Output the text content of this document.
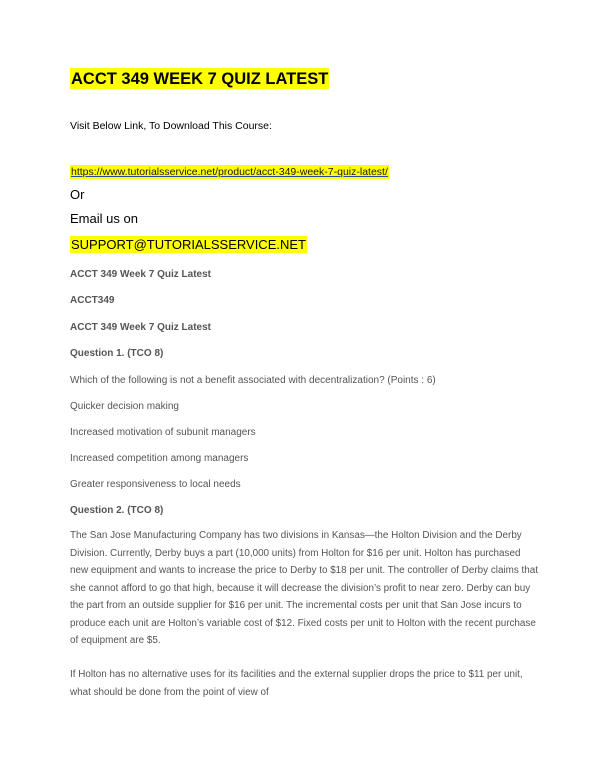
ACCT 349 WEEK 7 QUIZ LATEST
Visit Below Link, To Download This Course:
https://www.tutorialsservice.net/product/acct-349-week-7-quiz-latest/
Or
Email us on
SUPPORT@TUTORIALSSERVICE.NET
ACCT 349 Week 7 Quiz Latest
ACCT349
ACCT 349 Week 7 Quiz Latest
Question 1. (TCO 8)
Which of the following is not a benefit associated with decentralization? (Points : 6)
Quicker decision making
Increased motivation of subunit managers
Increased competition among managers
Greater responsiveness to local needs
Question 2. (TCO 8)

The San Jose Manufacturing Company has two divisions in Kansas—the Holton Division and the Derby Division. Currently, Derby buys a part (10,000 units) from Holton for $16 per unit. Holton has purchased new equipment and wants to increase the price to Derby to $18 per unit. The controller of Derby claims that she cannot afford to go that high, because it will decrease the division’s profit to near zero. Derby can buy the part from an outside supplier for $16 per unit. The incremental costs per unit that San Jose incurs to produce each unit are Holton’s variable cost of $12. Fixed costs per unit to Holton with the recent purchase of equipment are $5.

If Holton has no alternative uses for its facilities and the external supplier drops the price to $11 per unit, what should be done from the point of view of
